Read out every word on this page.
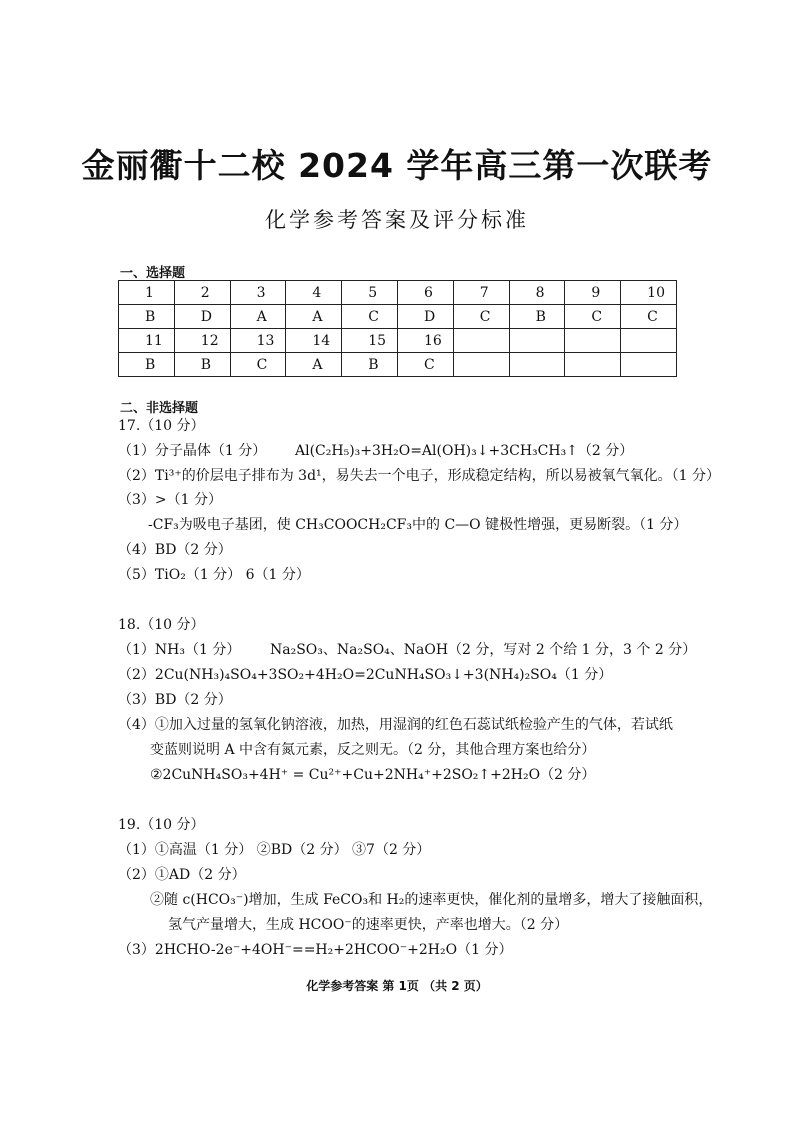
金丽衢十二校 2024 学年高三第一次联考
化学参考答案及评分标准
一、选择题
1	2	3	4	5	6	7	8	9	10
B	D	A	A	C	D	C	B	C	C
11	12	13	14	15	16				
B	B	C	A	B	C				
二、非选择题
17.（10 分）
（1）分子晶体（1 分） Al(C₂H₅)₃+3H₂O=Al(OH)₃↓+3CH₃CH₃↑（2 分）
（2）Ti³⁺的价层电子排布为 3d¹，易失去一个电子，形成稳定结构，所以易被氧气氧化。（1 分）
（3）>（1 分）
-CF₃为吸电子基团，使 CH₃COOCH₂CF₃中的 C—O 键极性增强，更易断裂。（1 分）
（4）BD（2 分）
（5）TiO₂（1 分） 6（1 分）
18.（10 分）
（1）NH₃（1 分） Na₂SO₃、Na₂SO₄、NaOH（2 分，写对 2 个给 1 分，3 个 2 分）
（2）2Cu(NH₃)₄SO₄+3SO₂+4H₂O=2CuNH₄SO₃↓+3(NH₄)₂SO₄（1 分）
（3）BD（2 分）
（4）①加入过量的氢氧化钠溶液，加热，用湿润的红色石蕊试纸检验产生的气体，若试纸
变蓝则说明 A 中含有氮元素，反之则无。（2 分，其他合理方案也给分）
②2CuNH₄SO₃+4H⁺ = Cu²⁺+Cu+2NH₄⁺+2SO₂↑+2H₂O（2 分）
19.（10 分）
（1）①高温（1 分） ②BD（2 分） ③7（2 分）
（2）①AD（2 分）
②随 c(HCO₃⁻)增加，生成 FeCO₃和 H₂的速率更快，催化剂的量增多，增大了接触面积，
氢气产量增大，生成 HCOO⁻的速率更快，产率也增大。（2 分）
（3）2HCHO-2e⁻+4OH⁻==H₂+2HCOO⁻+2H₂O（1 分）
化学参考答案 第 1页 （共 2 页）
